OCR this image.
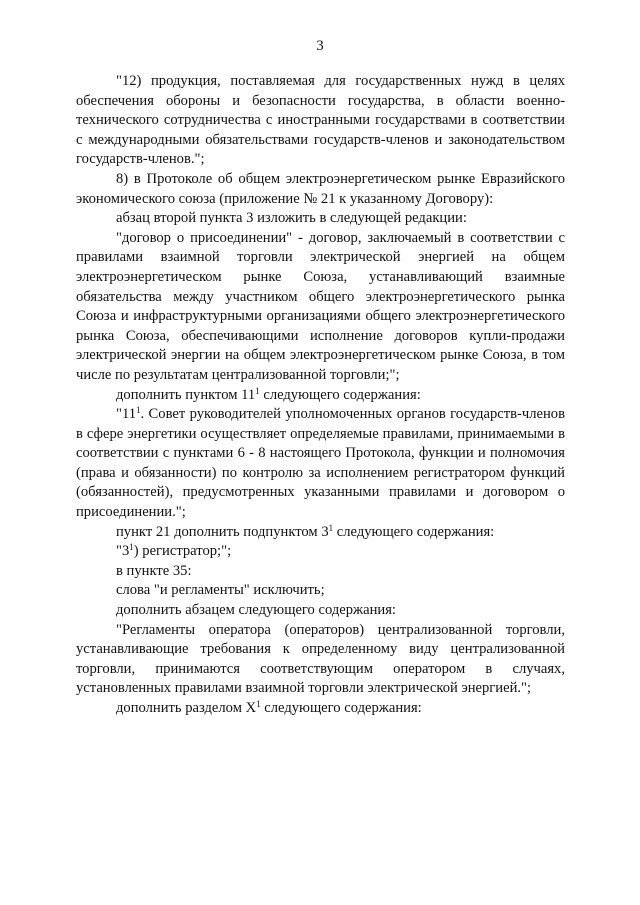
3

"12) продукция, поставляемая для государственных нужд в целях обеспечения обороны и безопасности государства, в области военно-технического сотрудничества с иностранными государствами в соответствии с международными обязательствами государств-членов и законодательством государств-членов.";

8) в Протоколе об общем электроэнергетическом рынке Евразийского экономического союза (приложение № 21 к указанному Договору):

абзац второй пункта 3 изложить в следующей редакции:

"договор о присоединении" - договор, заключаемый в соответствии с правилами взаимной торговли электрической энергией на общем электроэнергетическом рынке Союза, устанавливающий взаимные обязательства между участником общего электроэнергетического рынка Союза и инфраструктурными организациями общего электроэнергетического рынка Союза, обеспечивающими исполнение договоров купли-продажи электрической энергии на общем электроэнергетическом рынке Союза, в том числе по результатам централизованной торговли;";

дополнить пунктом $11^1$ следующего содержания:

"$11^1$. Совет руководителей уполномоченных органов государств-членов в сфере энергетики осуществляет определяемые правилами, принимаемыми в соответствии с пунктами 6 - 8 настоящего Протокола, функции и полномочия (права и обязанности) по контролю за исполнением регистратором функций (обязанностей), предусмотренных указанными правилами и договором о присоединении.";

пункт 21 дополнить подпунктом $3^1$ следующего содержания:

"$3^1$) регистратор;";

в пункте 35:

слова "и регламенты" исключить;

дополнить абзацем следующего содержания:

"Регламенты оператора (операторов) централизованной торговли, устанавливающие требования к определенному виду централизованной торговли, принимаются соответствующим оператором в случаях, установленных правилами взаимной торговли электрической энергией.";

дополнить разделом $X^1$ следующего содержания:
